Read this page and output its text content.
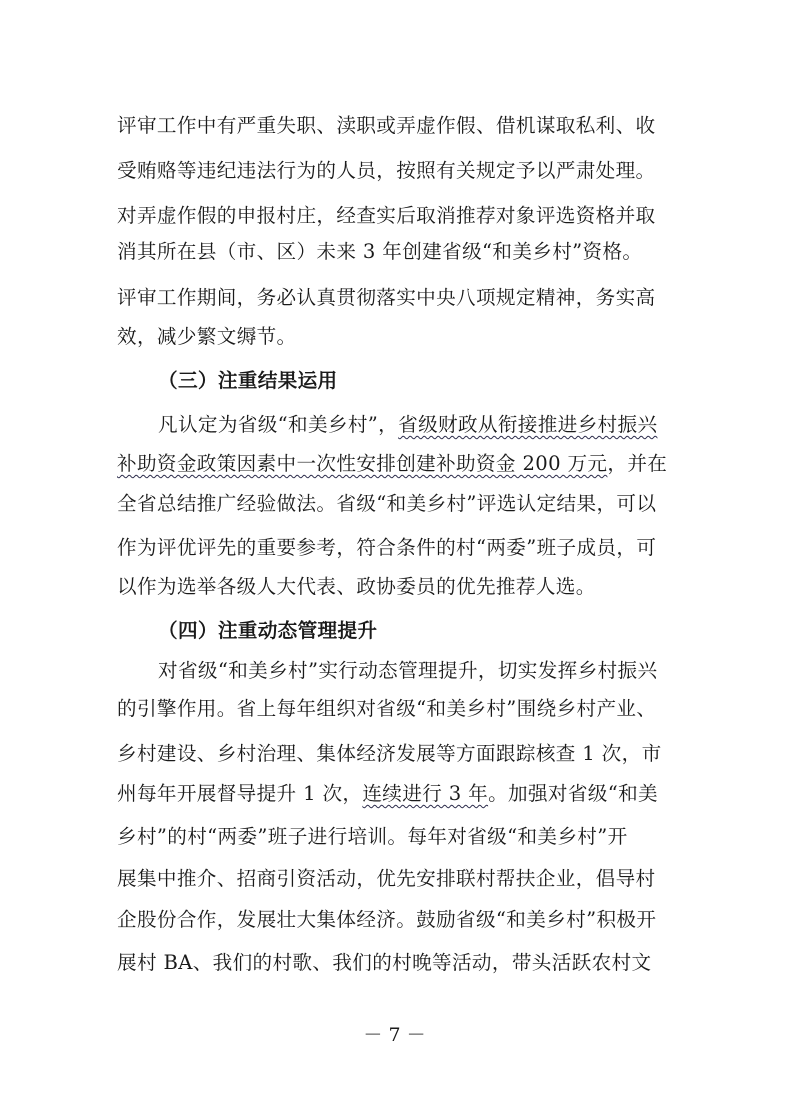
评审工作中有严重失职、渎职或弄虚作假、借机谋取私利、收
受贿赂等违纪违法行为的人员，按照有关规定予以严肃处理。
对弄虚作假的申报村庄，经查实后取消推荐对象评选资格并取
消其所在县（市、区）未来 3 年创建省级“和美乡村”资格。
评审工作期间，务必认真贯彻落实中央八项规定精神，务实高
效，减少繁文缛节。
（三）注重结果运用
凡认定为省级“和美乡村”，省级财政从衔接推进乡村振兴
补助资金政策因素中一次性安排创建补助资金 200 万元，并在
全省总结推广经验做法。省级“和美乡村”评选认定结果，可以
作为评优评先的重要参考，符合条件的村“两委”班子成员，可
以作为选举各级人大代表、政协委员的优先推荐人选。
（四）注重动态管理提升
对省级“和美乡村”实行动态管理提升，切实发挥乡村振兴
的引擎作用。省上每年组织对省级“和美乡村”围绕乡村产业、
乡村建设、乡村治理、集体经济发展等方面跟踪核查 1 次，市
州每年开展督导提升 1 次，连续进行 3 年。加强对省级“和美
乡村”的村“两委”班子进行培训。每年对省级“和美乡村”开
展集中推介、招商引资活动，优先安排联村帮扶企业，倡导村
企股份合作，发展壮大集体经济。鼓励省级“和美乡村”积极开
展村 BA、我们的村歌、我们的村晚等活动，带头活跃农村文
－ 7 －
